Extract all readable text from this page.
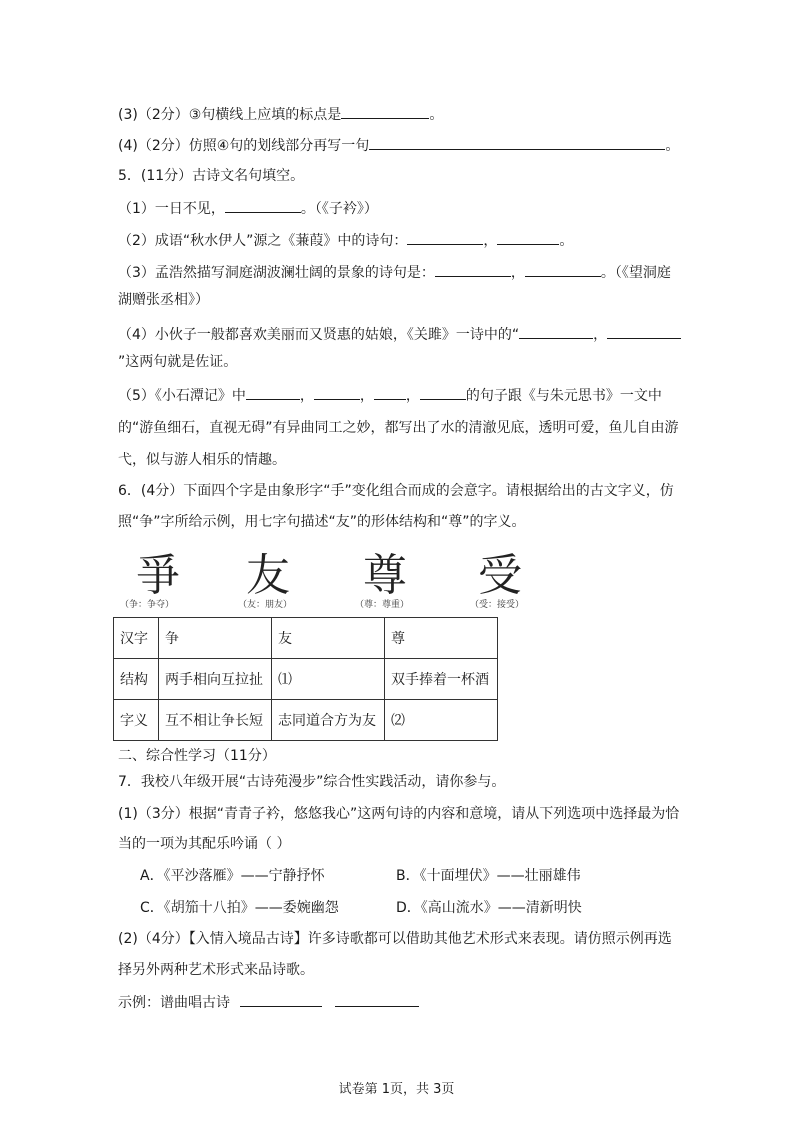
(3)（2分）③句横线上应填的标点是	。
(4)（2分）仿照④句的划线部分再写一句	。
5．(11分）古诗文名句填空。
（1）一日不见，	。（《子衿》）
（2）成语“秋水伊人”源之《蒹葭》中的诗句：	，	。
（3）孟浩然描写洞庭湖波澜壮阔的景象的诗句是：	，	。（《望洞庭
湖赠张丞相》）
（4）小伙子一般都喜欢美丽而又贤惠的姑娘，《关雎》一诗中的“	，
”这两句就是佐证。
（5）《小石潭记》中	，	， ，	的句子跟《与朱元思书》一文中
的“游鱼细石，直视无碍”有异曲同工之妙，都写出了水的清澈见底，透明可爱，鱼儿自由游
弋，似与游人相乐的情趣。
6．(4分）下面四个字是由象形字“手”变化组合而成的会意字。请根据给出的古文字义，仿
照“争”字所给示例，用七字句描述“友”的形体结构和“尊”的字义。
爭 友 尊 受
（争：争夺）	（友：朋友）	（尊：尊重）	（受：接受）
汉字	争	友	尊
结构	两手相向互拉扯	⑴	双手捧着一杯酒
字义	互不相让争长短	志同道合方为友	⑵
二、综合性学习（11分）
7．我校八年级开展“古诗苑漫步”综合性实践活动，请你参与。
(1)（3分）根据“青青子衿，悠悠我心”这两句诗的内容和意境，请从下列选项中选择最为恰
当的一项为其配乐吟诵（ ）
A．《平沙落雁》——宁静抒怀	B．《十面埋伏》——壮丽雄伟
C．《胡笳十八拍》——委婉幽怨	D．《高山流水》——清新明快
(2)（4分）【入情入境品古诗】许多诗歌都可以借助其他艺术形式来表现。请仿照示例再选
择另外两种艺术形式来品诗歌。
示例：谱曲唱古诗
试卷第 1页，共 3页
